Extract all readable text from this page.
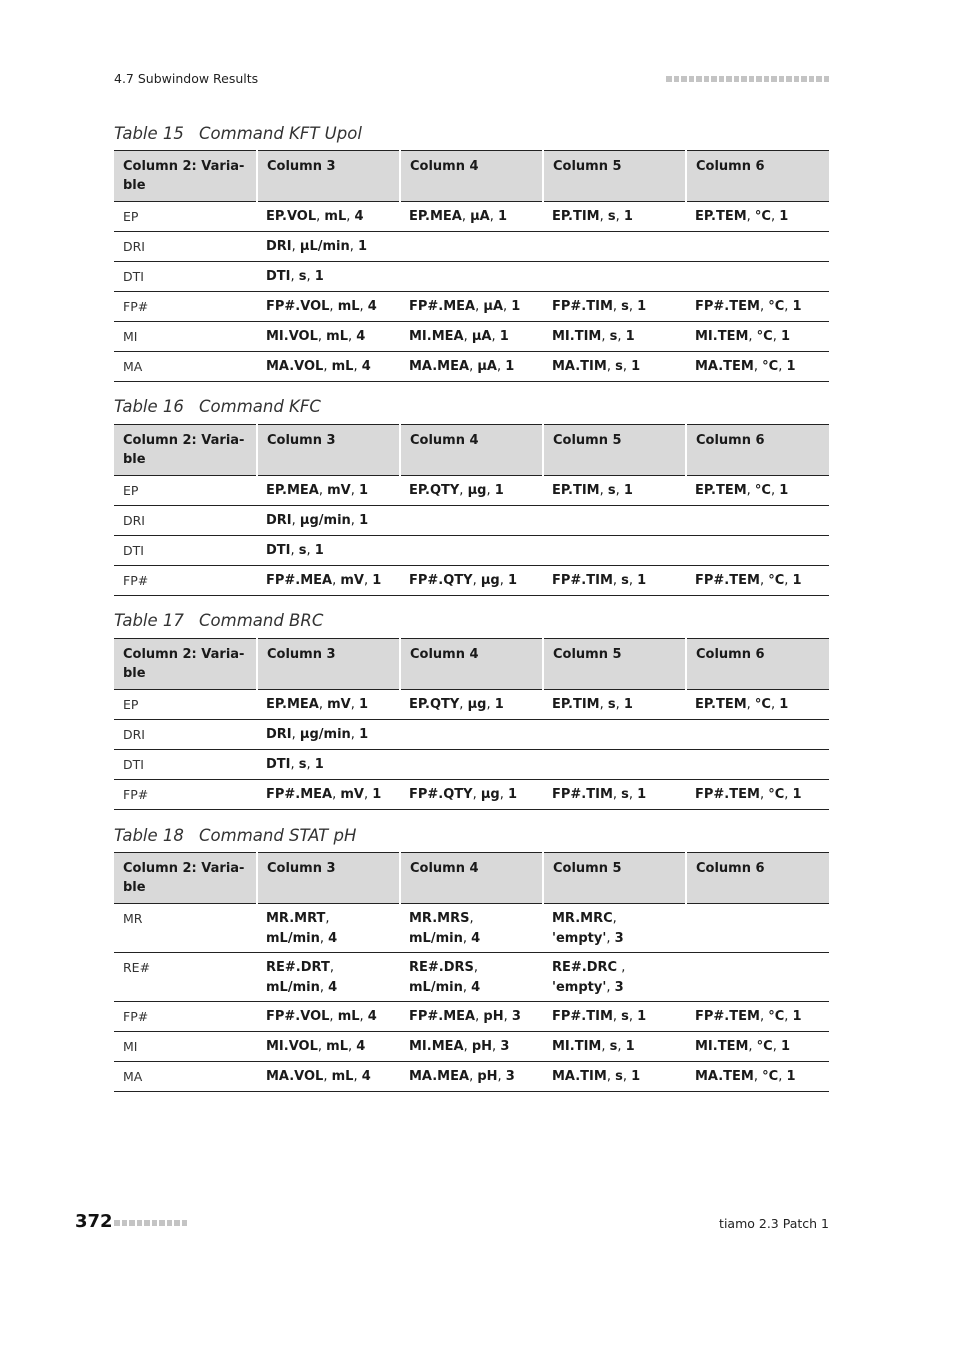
4.7 Subwindow Results
Table 15 Command KFT Upol
Column 2: Varia-
ble	Column 3	Column 4	Column 5	Column 6
EP	EP.VOL, mL, 4	EP.MEA, µA, 1	EP.TIM, s, 1	EP.TEM, °C, 1
DRI	DRI, µL/min, 1			
DTI	DTI, s, 1			
FP#	FP#.VOL, mL, 4	FP#.MEA, µA, 1	FP#.TIM, s, 1	FP#.TEM, °C, 1
MI	MI.VOL, mL, 4	MI.MEA, µA, 1	MI.TIM, s, 1	MI.TEM, °C, 1
MA	MA.VOL, mL, 4	MA.MEA, µA, 1	MA.TIM, s, 1	MA.TEM, °C, 1
Table 16 Command KFC
Column 2: Varia-
ble	Column 3	Column 4	Column 5	Column 6
EP	EP.MEA, mV, 1	EP.QTY, µg, 1	EP.TIM, s, 1	EP.TEM, °C, 1
DRI	DRI, µg/min, 1			
DTI	DTI, s, 1			
FP#	FP#.MEA, mV, 1	FP#.QTY, µg, 1	FP#.TIM, s, 1	FP#.TEM, °C, 1
Table 17 Command BRC
Column 2: Varia-
ble	Column 3	Column 4	Column 5	Column 6
EP	EP.MEA, mV, 1	EP.QTY, µg, 1	EP.TIM, s, 1	EP.TEM, °C, 1
DRI	DRI, µg/min, 1			
DTI	DTI, s, 1			
FP#	FP#.MEA, mV, 1	FP#.QTY, µg, 1	FP#.TIM, s, 1	FP#.TEM, °C, 1
Table 18 Command STAT pH
Column 2: Varia-
ble	Column 3	Column 4	Column 5	Column 6
MR	MR.MRT, mL/min, 4	MR.MRS, mL/min, 4	MR.MRC, 'empty', 3	
RE#	RE#.DRT, mL/min, 4	RE#.DRS, mL/min, 4	RE#.DRC , 'empty', 3	
FP#	FP#.VOL, mL, 4	FP#.MEA, pH, 3	FP#.TIM, s, 1	FP#.TEM, °C, 1
MI	MI.VOL, mL, 4	MI.MEA, pH, 3	MI.TIM, s, 1	MI.TEM, °C, 1
MA	MA.VOL, mL, 4	MA.MEA, pH, 3	MA.TIM, s, 1	MA.TEM, °C, 1
372	tiamo 2.3 Patch 1
